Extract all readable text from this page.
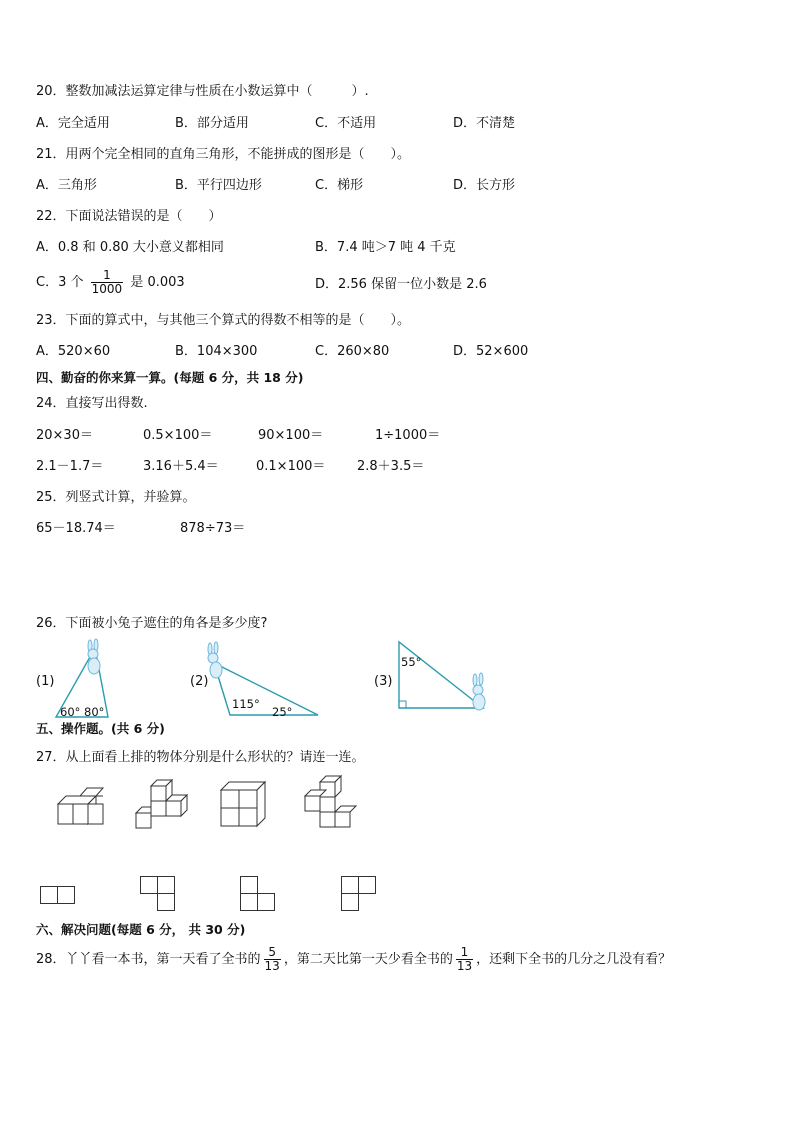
20．整数加减法运算定律与性质在小数运算中（　　　）.
A．完全适用	B．部分适用	C．不适用	D．不清楚
21．用两个完全相同的直角三角形，不能拼成的图形是（　　）。
A．三角形	B．平行四边形	C．梯形	D．长方形
22．下面说法错误的是（　　）
A．0.8 和 0.80 大小意义都相同	B．7.4 吨＞7 吨 4 千克
C．3 个 $\frac{1}{1000}$ 是 0.003	D．2.56 保留一位小数是 2.6
23．下面的算式中，与其他三个算式的得数不相等的是（　　）。
A．520×60	B．104×300	C．260×80	D．52×600
四、勤奋的你来算一算。(每题 6 分，共 18 分)
24．直接写出得数.
20×30＝	0.5×100＝	90×100＝	1÷1000＝
2.1－1.7＝	3.16＋5.4＝	0.1×100＝ 2.8＋3.5＝
25．列竖式计算，并验算。
65－18.74＝	878÷73＝
26．下面被小兔子遮住的角各是多少度?
(1)	(2)	(3)
60° 80°
115°
25°
55°
五、操作题。(共 6 分)
27．从上面看上排的物体分别是什么形状的？请连一连。
六、解决问题(每题 6 分， 共 30 分)
28．丫丫看一本书，第一天看了全书的 $\frac{5}{13}$ ，第二天比第一天少看全书的 $\frac{1}{13}$ ，还剩下全书的几分之几没有看？
